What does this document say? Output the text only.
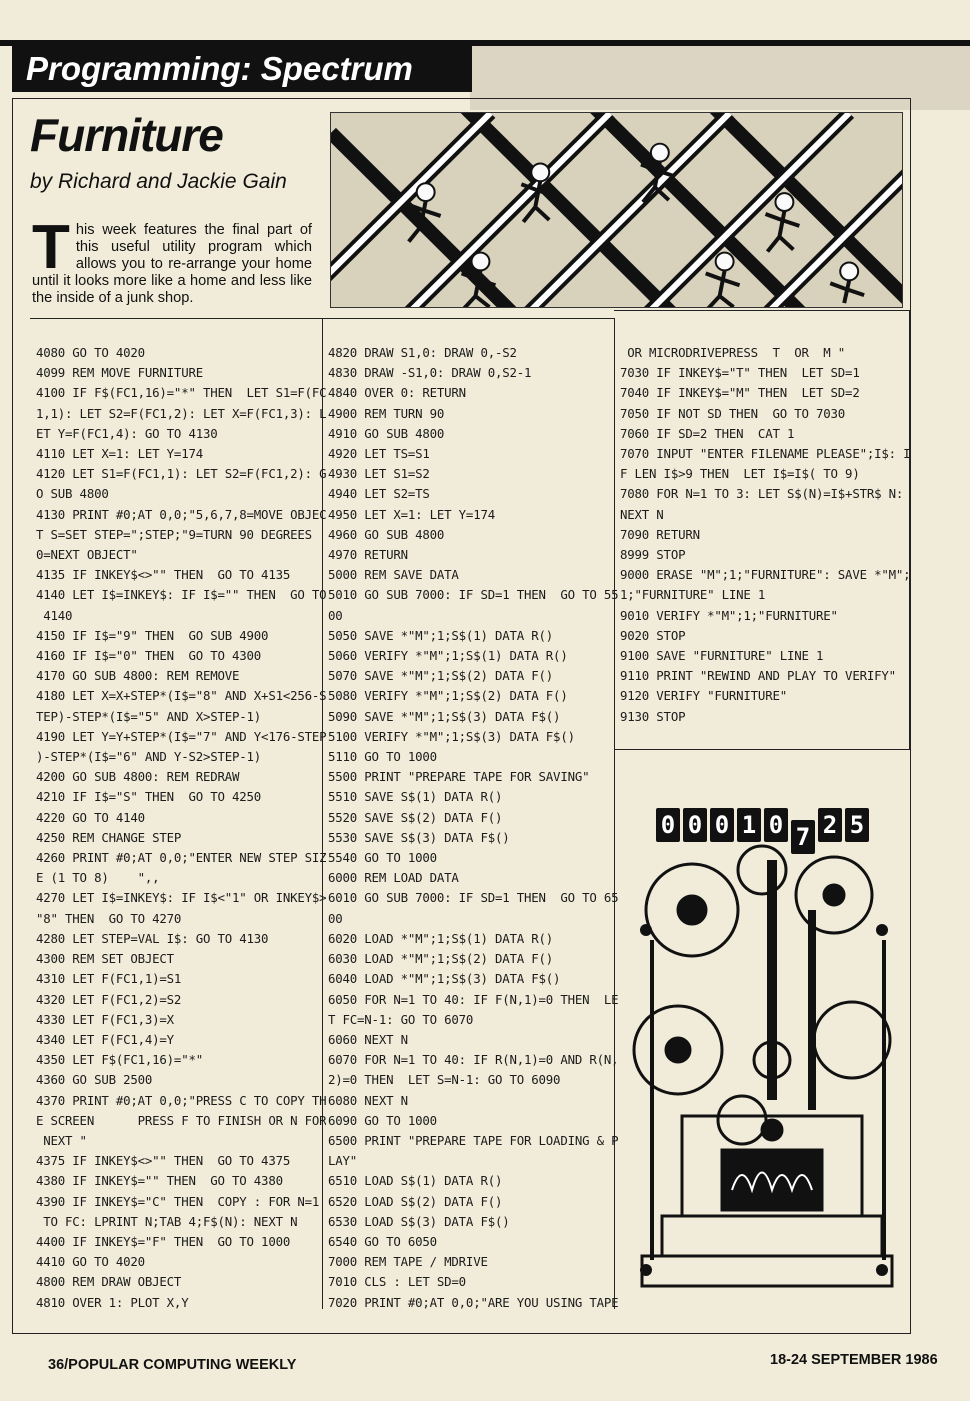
Programming: Spectrum
Furniture

by Richard and Jackie Gain

This week features the final part of this useful utility program which allows you to re-arrange your home until it looks more like a home and less like the inside of a junk shop.

4080 GO TO 4020
4099 REM MOVE FURNITURE
4100 IF F$(FC1,16)="*" THEN  LET S1=F(FC
1,1): LET S2=F(FC1,2): LET X=F(FC1,3): L
ET Y=F(FC1,4): GO TO 4130
4110 LET X=1: LET Y=174
4120 LET S1=F(FC1,1): LET S2=F(FC1,2): G
O SUB 4800
4130 PRINT #0;AT 0,0;"5,6,7,8=MOVE OBJEC
T S=SET STEP=";STEP;"9=TURN 90 DEGREES
0=NEXT OBJECT"
4135 IF INKEY$<>"" THEN  GO TO 4135
4140 LET I$=INKEY$: IF I$="" THEN  GO TO
4140
4150 IF I$="9" THEN  GO SUB 4900
4160 IF I$="0" THEN  GO TO 4300
4170 GO SUB 4800: REM REMOVE
4180 LET X=X+STEP*(I$="8" AND X+S1<256-S
TEP)-STEP*(I$="5" AND X>STEP-1)
4190 LET Y=Y+STEP*(I$="7" AND Y<176-STEP
)-STEP*(I$="6" AND Y-S2>STEP-1)
4200 GO SUB 4800: REM REDRAW
4210 IF I$="S" THEN  GO TO 4250
4220 GO TO 4140
4250 REM CHANGE STEP
4260 PRINT #0;AT 0,0;"ENTER NEW STEP SIZ
E (1 TO 8)    ",,
4270 LET I$=INKEY$: IF I$<"1" OR INKEY$>
"8" THEN  GO TO 4270
4280 LET STEP=VAL I$: GO TO 4130
4300 REM SET OBJECT
4310 LET F(FC1,1)=S1
4320 LET F(FC1,2)=S2
4330 LET F(FC1,3)=X
4340 LET F(FC1,4)=Y
4350 LET F$(FC1,16)="*"
4360 GO SUB 2500
4370 PRINT #0;AT 0,0;"PRESS C TO COPY TH
E SCREEN      PRESS F TO FINISH OR N FOR
NEXT "
4375 IF INKEY$<>"" THEN  GO TO 4375
4380 IF INKEY$="" THEN  GO TO 4380
4390 IF INKEY$="C" THEN  COPY : FOR N=1
TO FC: LPRINT N;TAB 4;F$(N): NEXT N
4400 IF INKEY$="F" THEN  GO TO 1000
4410 GO TO 4020
4800 REM DRAW OBJECT
4810 OVER 1: PLOT X,Y
4820 DRAW S1,0: DRAW 0,-S2
4830 DRAW -S1,0: DRAW 0,S2-1
4840 OVER 0: RETURN
4900 REM TURN 90
4910 GO SUB 4800
4920 LET TS=S1
4930 LET S1=S2
4940 LET S2=TS
4950 LET X=1: LET Y=174
4960 GO SUB 4800
4970 RETURN
5000 REM SAVE DATA
5010 GO SUB 7000: IF SD=1 THEN  GO TO 55
00
5050 SAVE *"M";1;S$(1) DATA R()
5060 VERIFY *"M";1;S$(1) DATA R()
5070 SAVE *"M";1;S$(2) DATA F()
5080 VERIFY *"M";1;S$(2) DATA F()
5090 SAVE *"M";1;S$(3) DATA F$()
5100 VERIFY *"M";1;S$(3) DATA F$()
5110 GO TO 1000
5500 PRINT "PREPARE TAPE FOR SAVING"
5510 SAVE S$(1) DATA R()
5520 SAVE S$(2) DATA F()
5530 SAVE S$(3) DATA F$()
5540 GO TO 1000
6000 REM LOAD DATA
6010 GO SUB 7000: IF SD=1 THEN  GO TO 65
00
6020 LOAD *"M";1;S$(1) DATA R()
6030 LOAD *"M";1;S$(2) DATA F()
6040 LOAD *"M";1;S$(3) DATA F$()
6050 FOR N=1 TO 40: IF F(N,1)=0 THEN  LE
T FC=N-1: GO TO 6070
6060 NEXT N
6070 FOR N=1 TO 40: IF R(N,1)=0 AND R(N,
2)=0 THEN  LET S=N-1: GO TO 6090
6080 NEXT N
6090 GO TO 1000
6500 PRINT "PREPARE TAPE FOR LOADING & P
LAY"
6510 LOAD S$(1) DATA R()
6520 LOAD S$(2) DATA F()
6530 LOAD S$(3) DATA F$()
6540 GO TO 6050
7000 REM TAPE / MDRIVE
7010 CLS : LET SD=0
7020 PRINT #0;AT 0,0;"ARE YOU USING TAPE
OR MICRODRIVEPRESS  T  OR  M "
7030 IF INKEY$="T" THEN  LET SD=1
7040 IF INKEY$="M" THEN  LET SD=2
7050 IF NOT SD THEN  GO TO 7030
7060 IF SD=2 THEN  CAT 1
7070 INPUT "ENTER FILENAME PLEASE";I$: I
F LEN I$>9 THEN  LET I$=I$( TO 9)
7080 FOR N=1 TO 3: LET S$(N)=I$+STR$ N:
NEXT N
7090 RETURN
8999 STOP
9000 ERASE "M";1;"FURNITURE": SAVE *"M";
1;"FURNITURE" LINE 1
9010 VERIFY *"M";1;"FURNITURE"
9020 STOP
9100 SAVE "FURNITURE" LINE 1
9110 PRINT "REWIND AND PLAY TO VERIFY"
9120 VERIFY "FURNITURE"
9130 STOP
0 0 0 1 0 7 2 5

36/POPULAR COMPUTING WEEKLY	18-24 SEPTEMBER 1986
